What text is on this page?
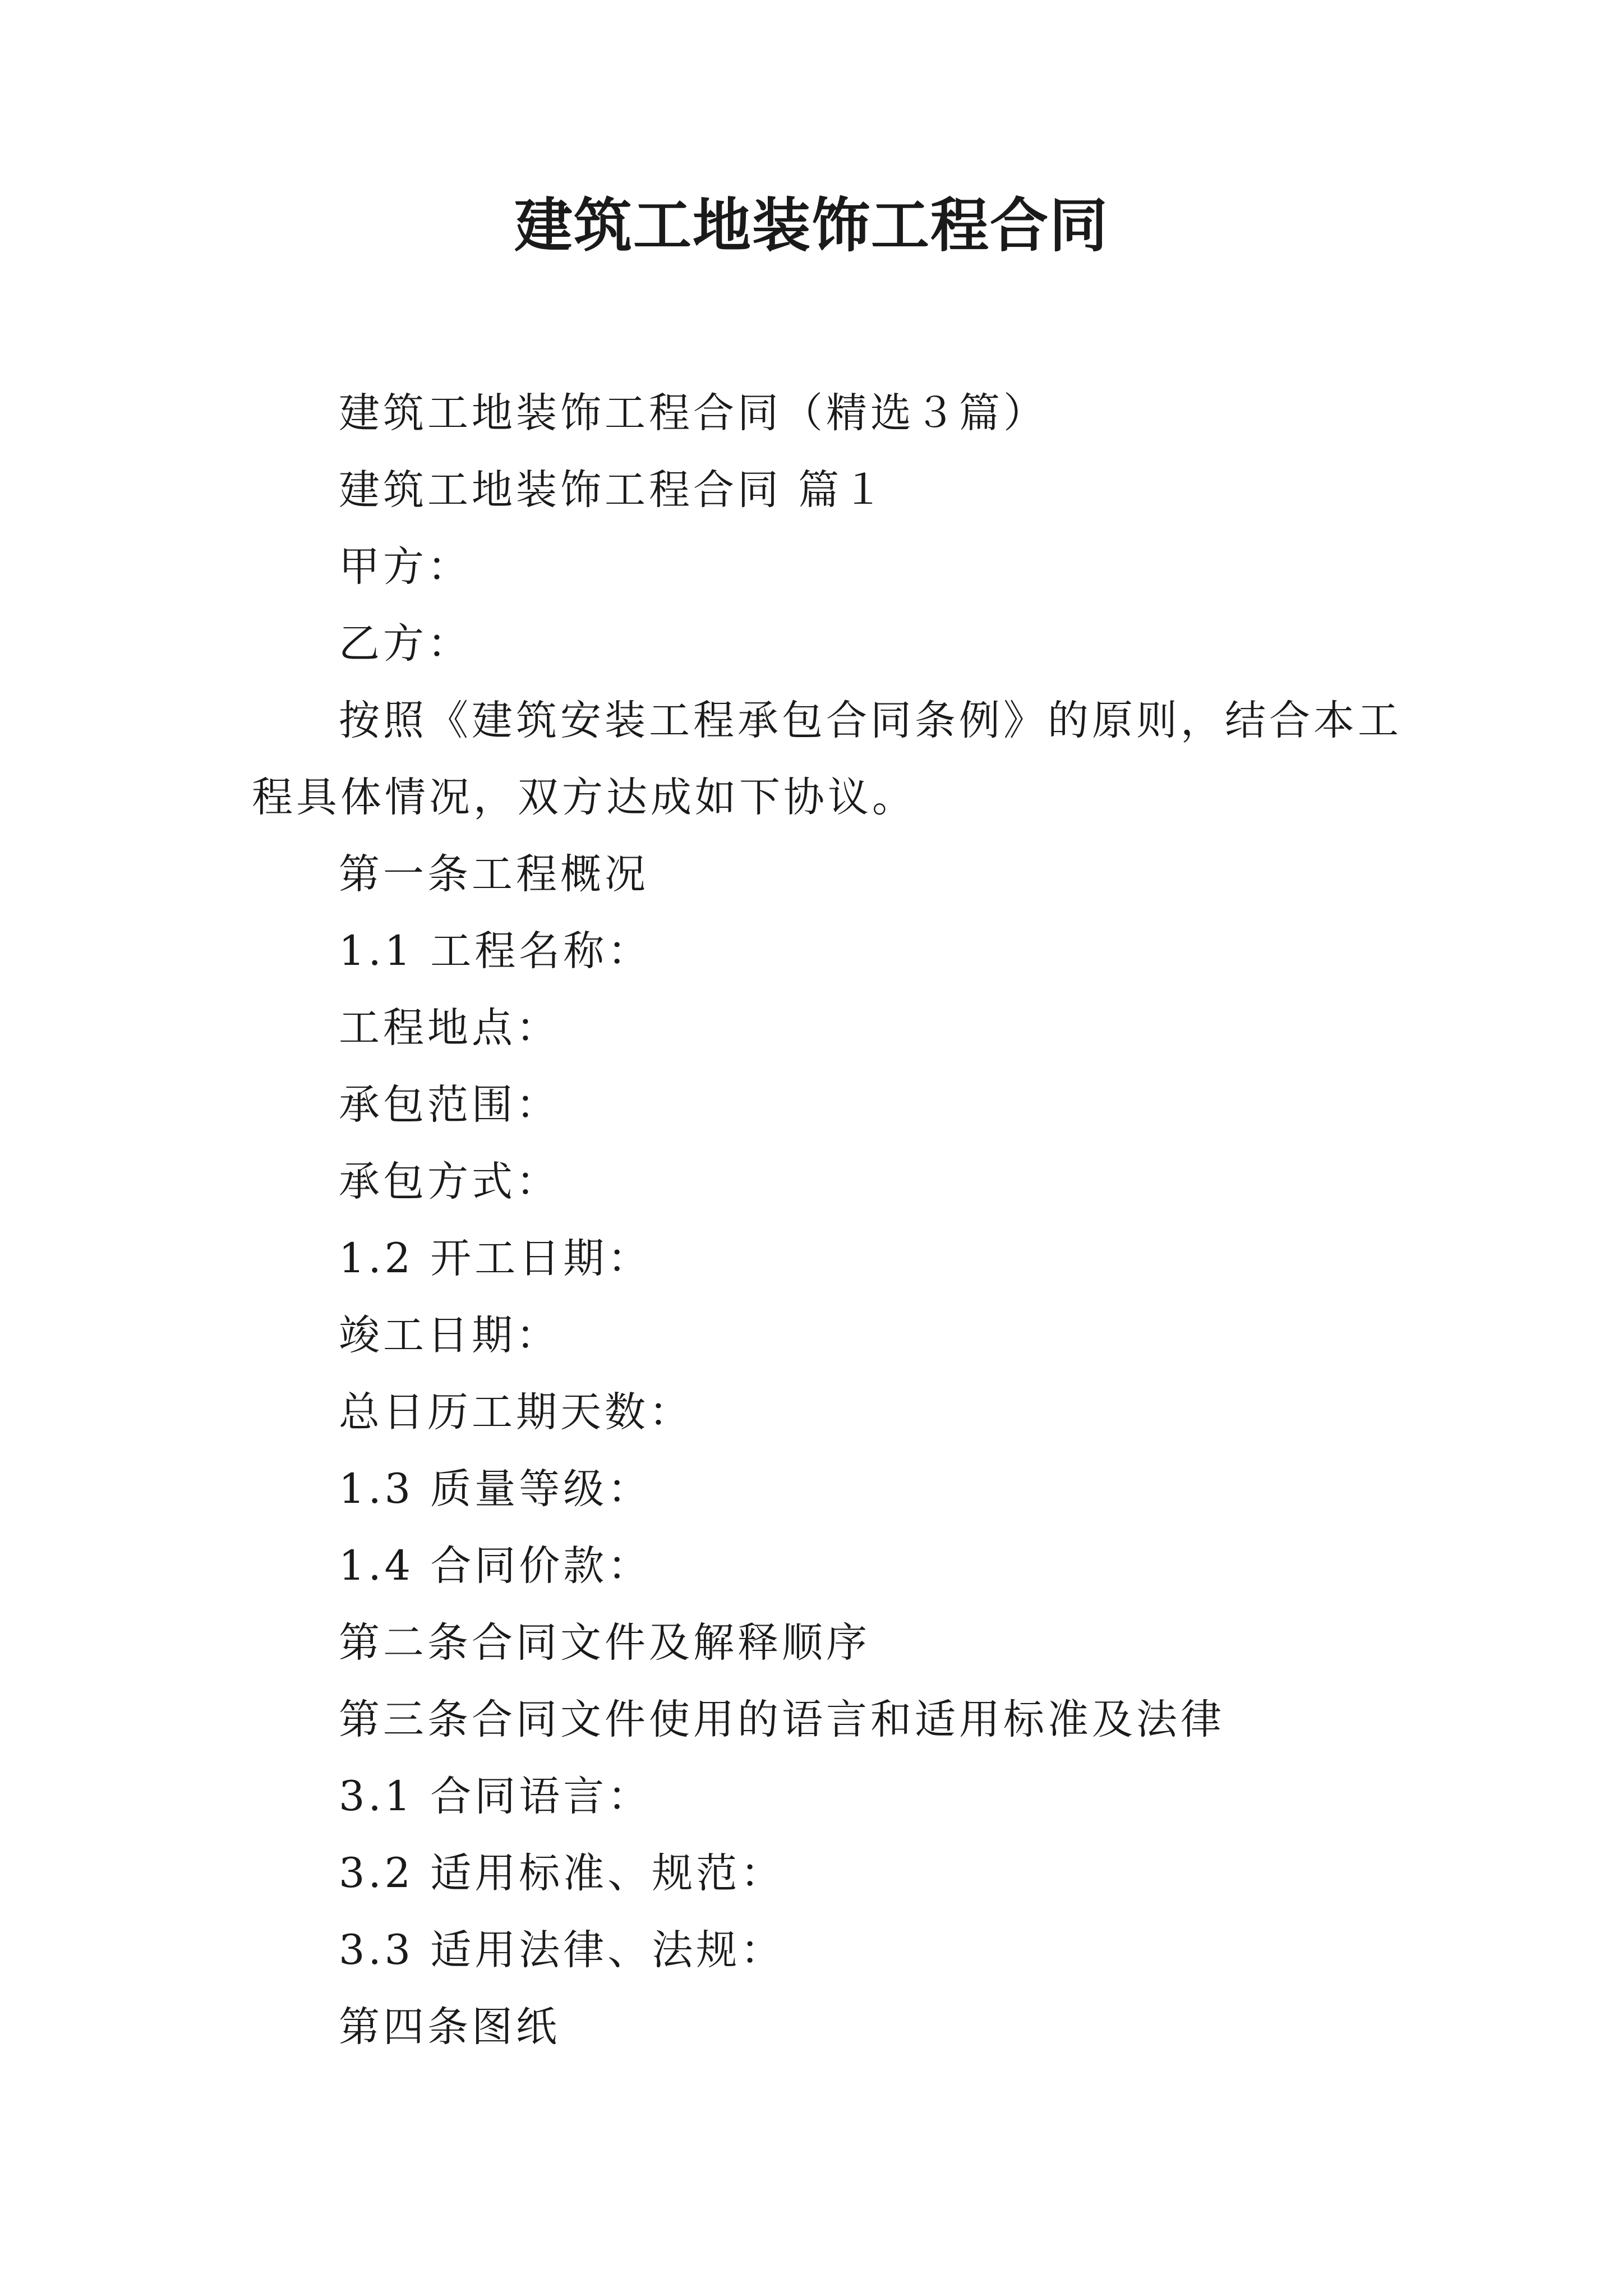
建筑工地装饰工程合同
建筑工地装饰工程合同（精选３篇）
建筑工地装饰工程合同 篇１
甲方：
乙方：
按照《建筑安装工程承包合同条例》的原则，结合本工
程具体情况，双方达成如下协议。
第一条工程概况
1.1 工程名称：
工程地点：
承包范围：
承包方式：
1.2 开工日期：
竣工日期：
总日历工期天数：
1.3 质量等级：
1.4 合同价款：
第二条合同文件及解释顺序
第三条合同文件使用的语言和适用标准及法律
3.1 合同语言：
3.2 适用标准、规范：
3.3 适用法律、法规：
第四条图纸
